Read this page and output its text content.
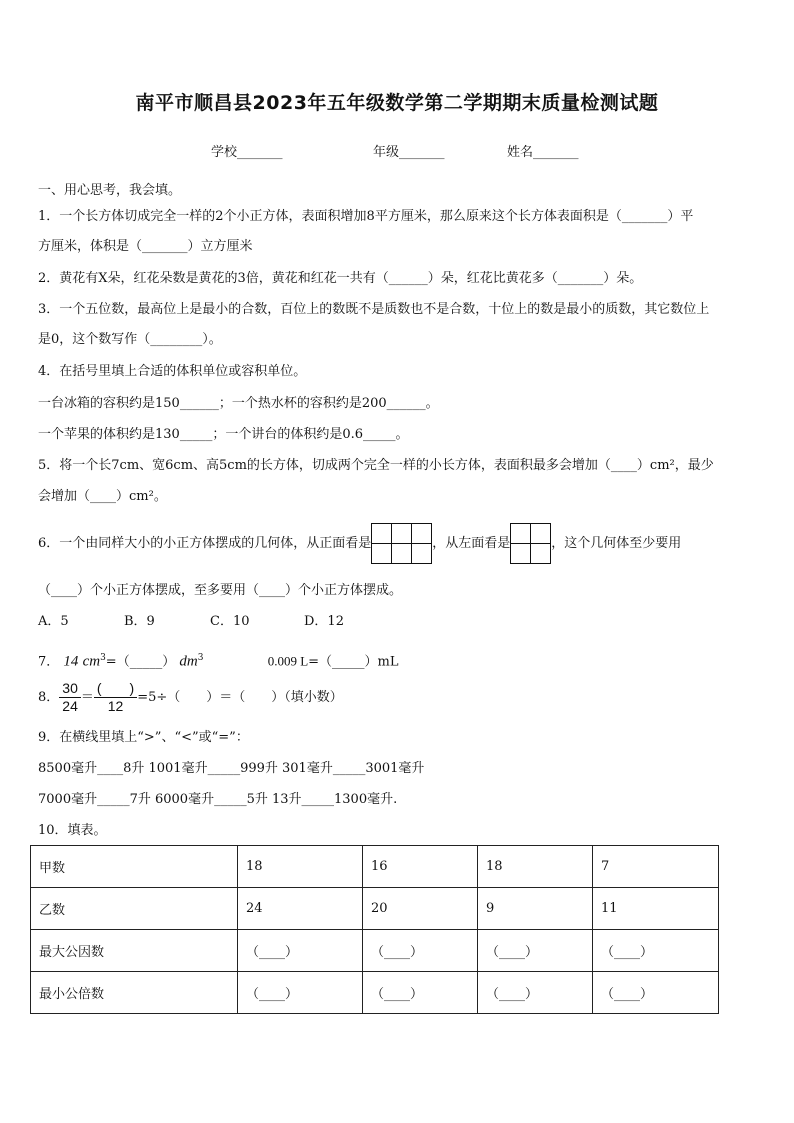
南平市顺昌县2023年五年级数学第二学期期末质量检测试题
学校_______	年级_______	姓名_______
一、用心思考，我会填。
1．一个长方体切成完全一样的2个小正方体，表面积增加8平方厘米，那么原来这个长方体表面积是（_______）平
方厘米，体积是（_______）立方厘米
2．黄花有X朵，红花朵数是黄花的3倍，黄花和红花一共有（______）朵，红花比黄花多（_______）朵。
3．一个五位数，最高位上是最小的合数，百位上的数既不是质数也不是合数，十位上的数是最小的质数，其它数位上
是0，这个数写作（________）。
4．在括号里填上合适的体积单位或容积单位。
一台冰箱的容积约是150______；一个热水杯的容积约是200______。
一个苹果的体积约是130_____；一个讲台的体积约是0.6_____。
5．将一个长7cm、宽6cm、高5cm的长方体，切成两个完全一样的小长方体，表面积最多会增加（____）cm²，最少
会增加（____）cm²。
6．一个由同样大小的小正方体摆成的几何体，从正面看是		
			，从左面看是	
		，这个几何体至少要用
（____）个小正方体摆成，至多要用（____）个小正方体摆成。
A．5	B．9	C．10	D．12
7． 14 $cm^3=(\_\_\_\_\_)$ $dm^3$	0.009 L=（_____）mL
8． $\frac{30}{24} = \frac{( )}{12} =5\div$（　　）＝（　　）（填小数）
9．在横线里填上“>”、“<”或“=”：
8500毫升____8升 1001毫升_____999升 301毫升_____3001毫升
7000毫升_____7升 6000毫升_____5升 13升_____1300毫升.
10．填表。
甲数	18	16	18	7
乙数	24	20	9	11
最大公因数	（____）	（____）	（____）	（____）
最小公倍数	（____）	（____）	（____）	（____）
